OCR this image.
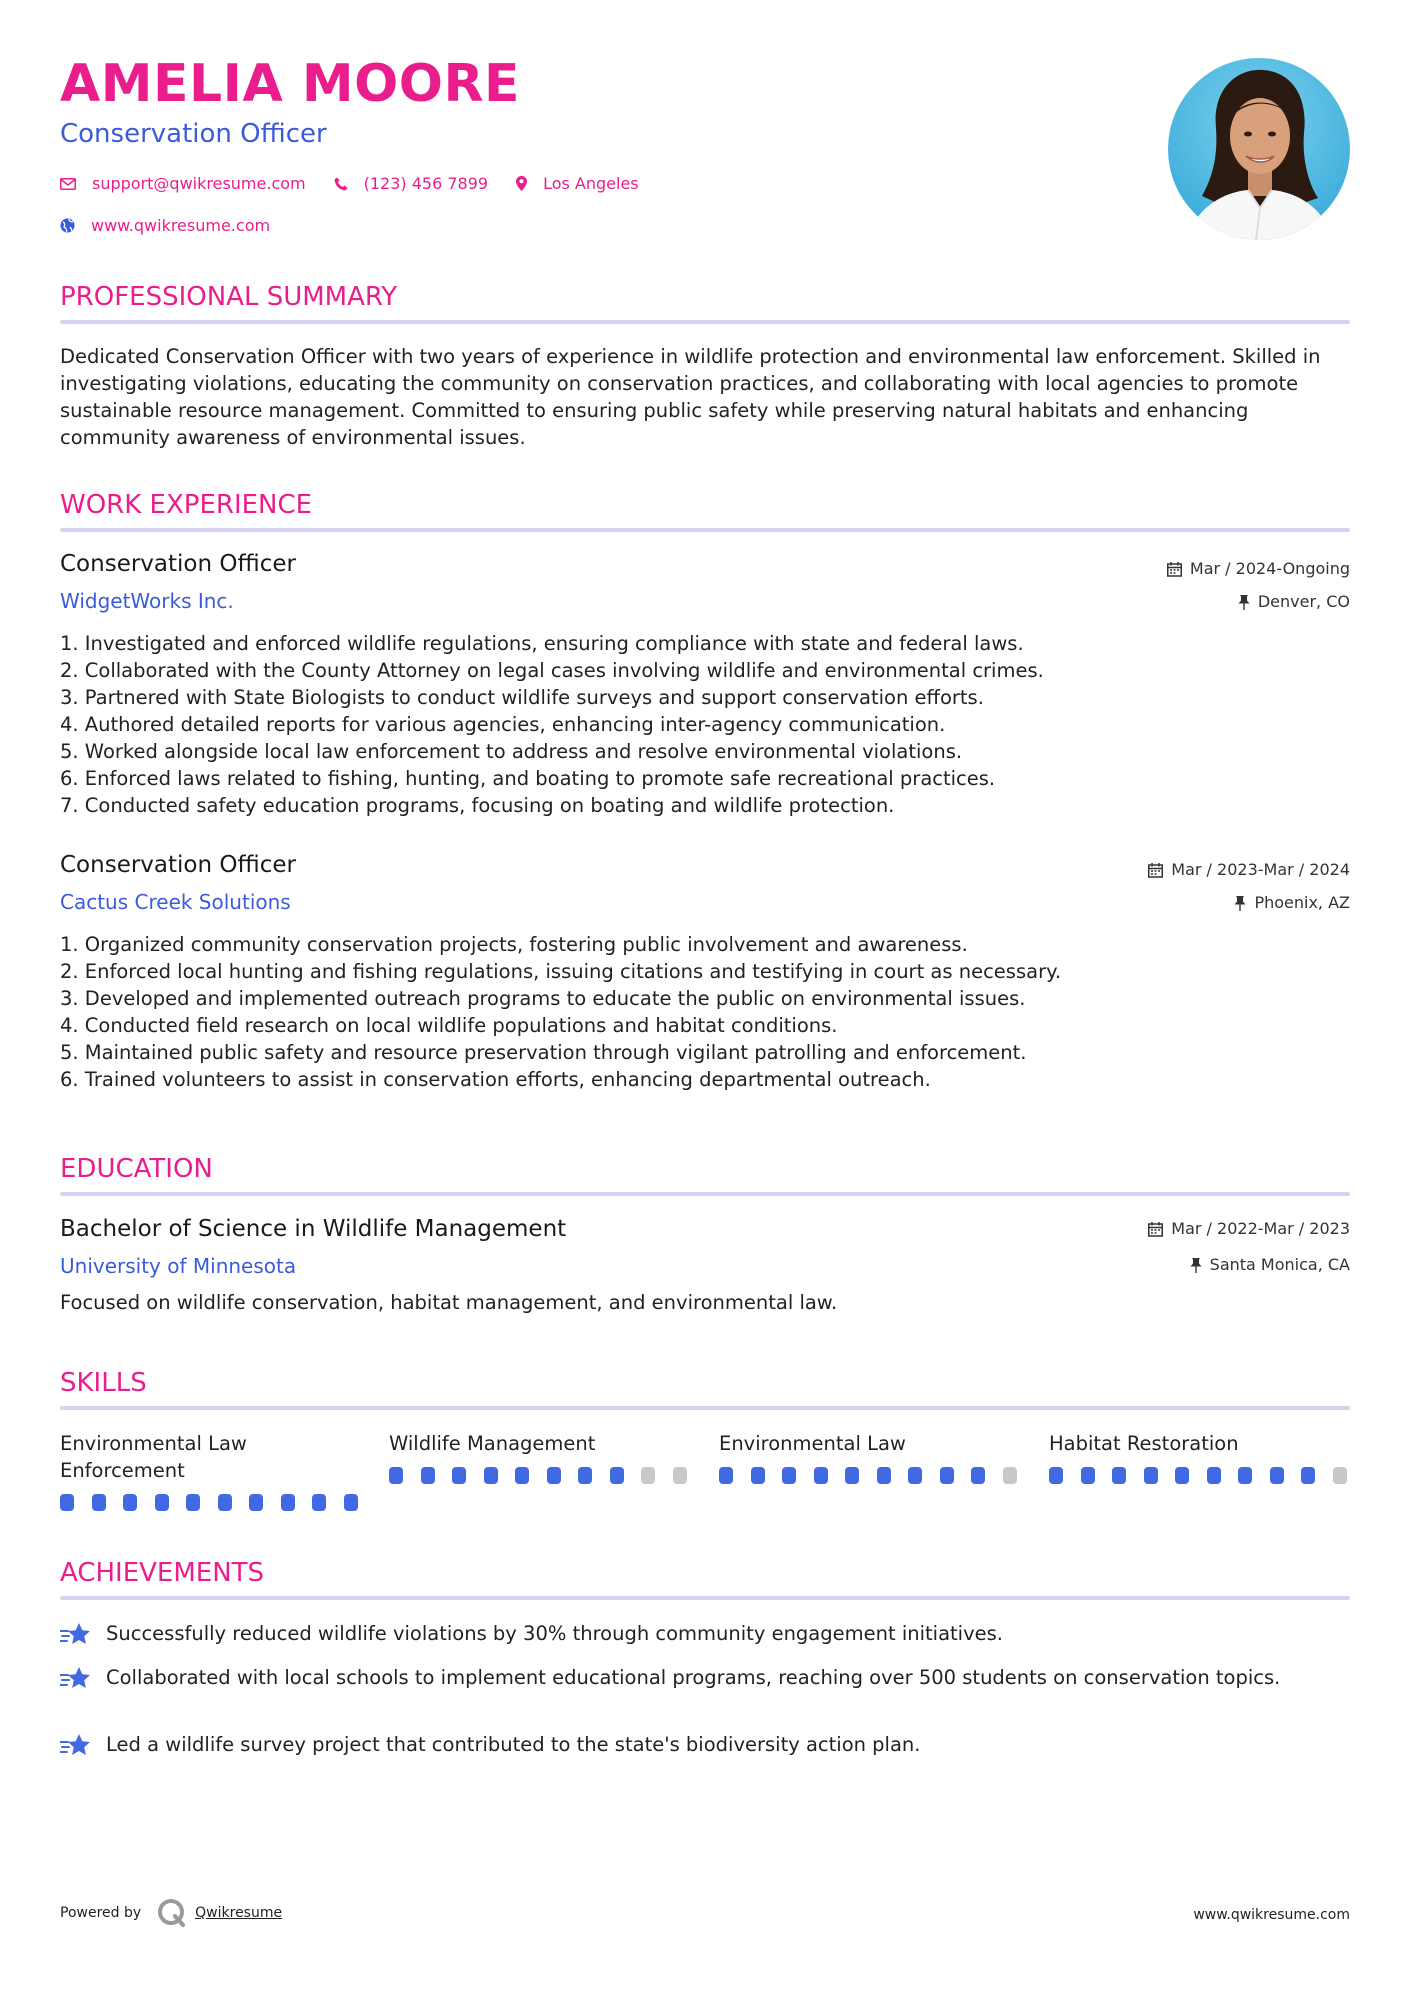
AMELIA MOORE
Conservation Officer
support@qwikresume.com	(123) 456 7899	Los Angeles
www.qwikresume.com
PROFESSIONAL SUMMARY
Dedicated Conservation Officer with two years of experience in wildlife protection and environmental law enforcement. Skilled in investigating violations, educating the community on conservation practices, and collaborating with local agencies to promote sustainable resource management. Committed to ensuring public safety while preserving natural habitats and enhancing community awareness of environmental issues.
WORK EXPERIENCE
Conservation Officer
WidgetWorks Inc.
Mar / 2024-Ongoing
Denver, CO
1. Investigated and enforced wildlife regulations, ensuring compliance with state and federal laws.
2. Collaborated with the County Attorney on legal cases involving wildlife and environmental crimes.
3. Partnered with State Biologists to conduct wildlife surveys and support conservation efforts.
4. Authored detailed reports for various agencies, enhancing inter-agency communication.
5. Worked alongside local law enforcement to address and resolve environmental violations.
6. Enforced laws related to fishing, hunting, and boating to promote safe recreational practices.
7. Conducted safety education programs, focusing on boating and wildlife protection.
Conservation Officer
Cactus Creek Solutions
Mar / 2023-Mar / 2024
Phoenix, AZ
1. Organized community conservation projects, fostering public involvement and awareness.
2. Enforced local hunting and fishing regulations, issuing citations and testifying in court as necessary.
3. Developed and implemented outreach programs to educate the public on environmental issues.
4. Conducted field research on local wildlife populations and habitat conditions.
5. Maintained public safety and resource preservation through vigilant patrolling and enforcement.
6. Trained volunteers to assist in conservation efforts, enhancing departmental outreach.
EDUCATION
Bachelor of Science in Wildlife Management
University of Minnesota
Mar / 2022-Mar / 2023
Santa Monica, CA
Focused on wildlife conservation, habitat management, and environmental law.
SKILLS
Environmental Law Enforcement
Wildlife Management	Environmental Law	Habitat Restoration
ACHIEVEMENTS
Successfully reduced wildlife violations by 30% through community engagement initiatives.
Collaborated with local schools to implement educational programs, reaching over 500 students on conservation topics.
Led a wildlife survey project that contributed to the state's biodiversity action plan.
Powered by	Qwikresume	www.qwikresume.com
